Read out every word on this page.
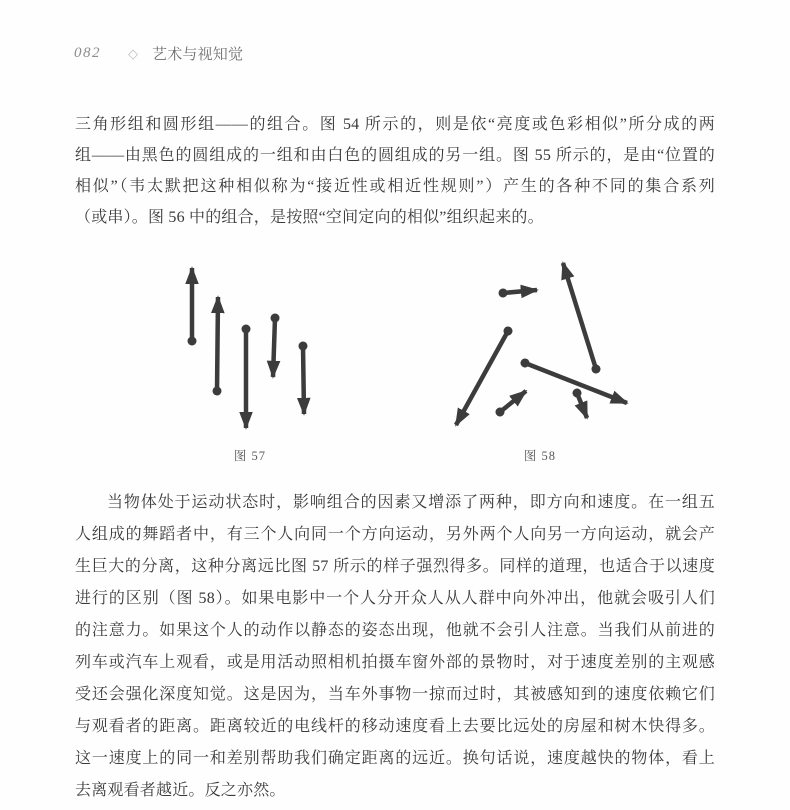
082 ◇ 艺术与视知觉
三角形组和圆形组——的组合。图 54 所示的，则是依“亮度或色彩相似”所分成的两
组——由黑色的圆组成的一组和由白色的圆组成的另一组。图 55 所示的，是由“位置的
相似”（韦太默把这种相似称为“接近性或相近性规则”）产生的各种不同的集合系列
（或串）。图 56 中的组合，是按照“空间定向的相似”组织起来的。
图 57	图 58
当物体处于运动状态时，影响组合的因素又增添了两种，即方向和速度。在一组五
人组成的舞蹈者中，有三个人向同一个方向运动，另外两个人向另一方向运动，就会产
生巨大的分离，这种分离远比图 57 所示的样子强烈得多。同样的道理，也适合于以速度
进行的区别（图 58）。如果电影中一个人分开众人从人群中向外冲出，他就会吸引人们
的注意力。如果这个人的动作以静态的姿态出现，他就不会引人注意。当我们从前进的
列车或汽车上观看，或是用活动照相机拍摄车窗外部的景物时，对于速度差别的主观感
受还会强化深度知觉。这是因为，当车外事物一掠而过时，其被感知到的速度依赖它们
与观看者的距离。距离较近的电线杆的移动速度看上去要比远处的房屋和树木快得多。
这一速度上的同一和差别帮助我们确定距离的远近。换句话说，速度越快的物体，看上
去离观看者越近。反之亦然。
